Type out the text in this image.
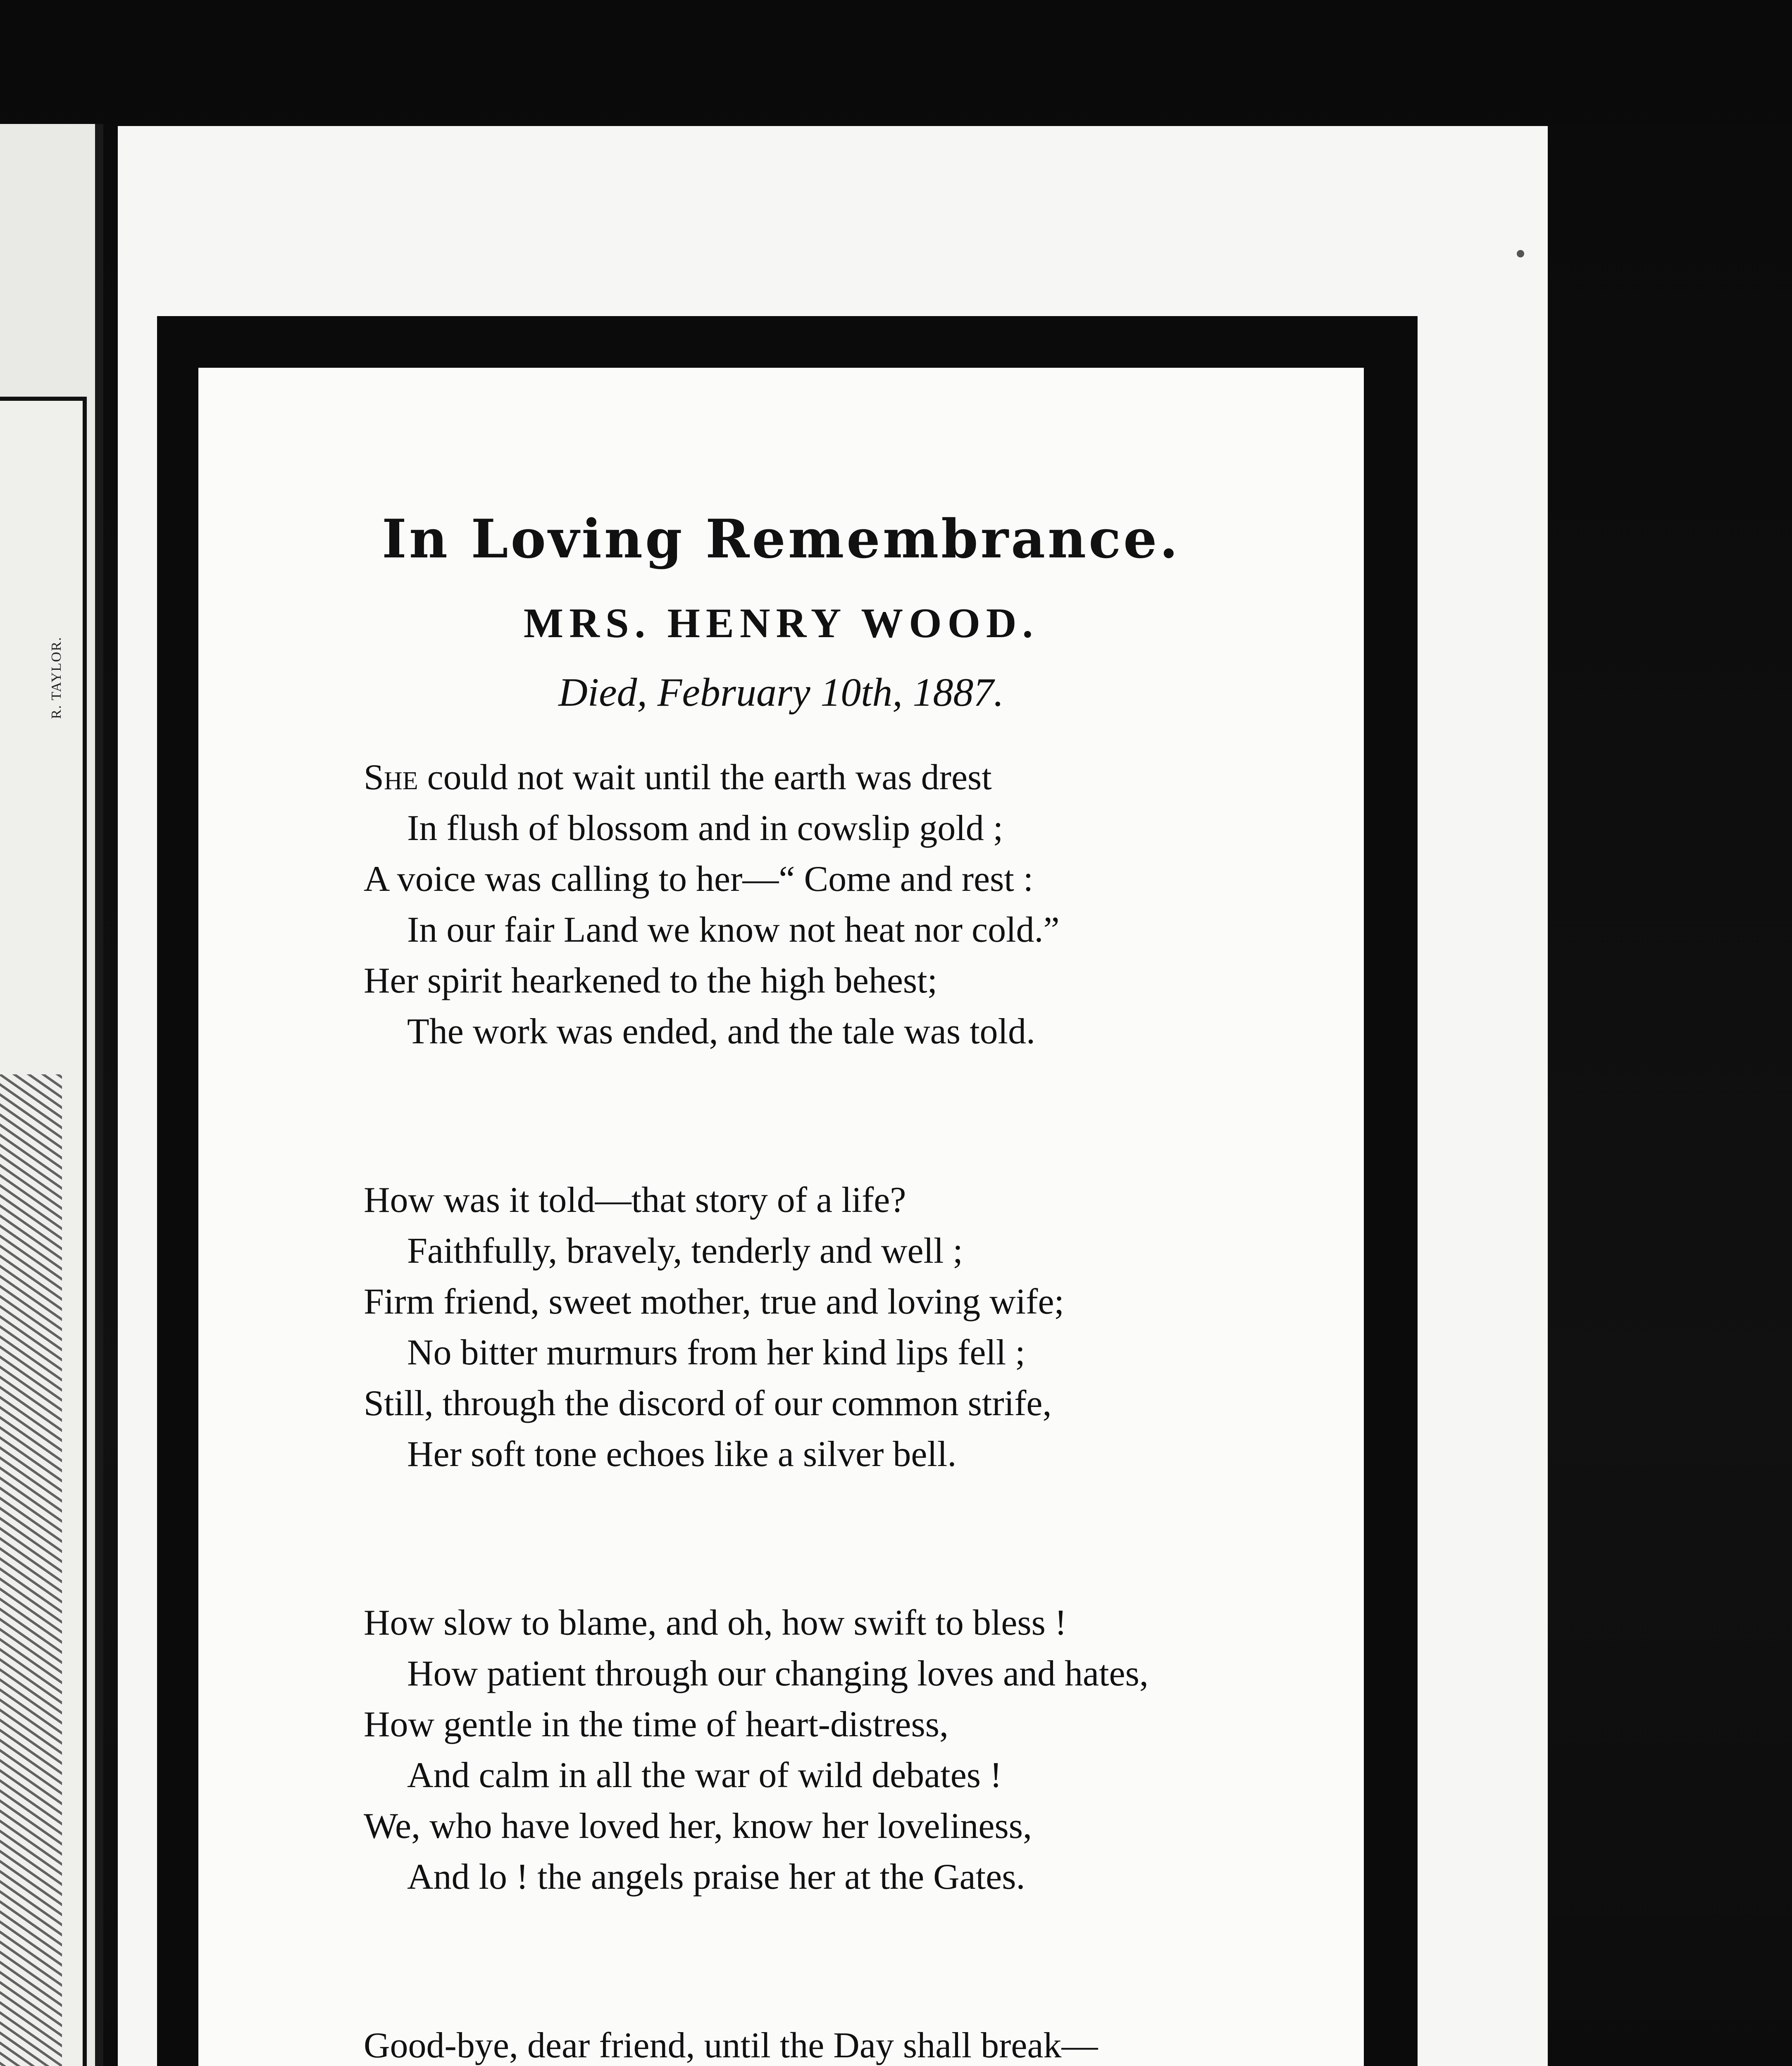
R. TAYLOR.
In Loving Remembrance.
MRS. HENRY WOOD.
Died, February 10th, 1887.
She could not wait until the earth was drest
In flush of blossom and in cowslip gold ;
A voice was calling to her—“ Come and rest :
In our fair Land we know not heat nor cold.”
Her spirit hearkened to the high behest;
The work was ended, and the tale was told.
How was it told—that story of a life?
Faithfully, bravely, tenderly and well ;
Firm friend, sweet mother, true and loving wife;
No bitter murmurs from her kind lips fell ;
Still, through the discord of our common strife,
Her soft tone echoes like a silver bell.
How slow to blame, and oh, how swift to bless !
How patient through our changing loves and hates,
How gentle in the time of heart-distress,
And calm in all the war of wild debates !
We, who have loved her, know her loveliness,
And lo ! the angels praise her at the Gates.
Good-bye, dear friend, until the Day shall break—
